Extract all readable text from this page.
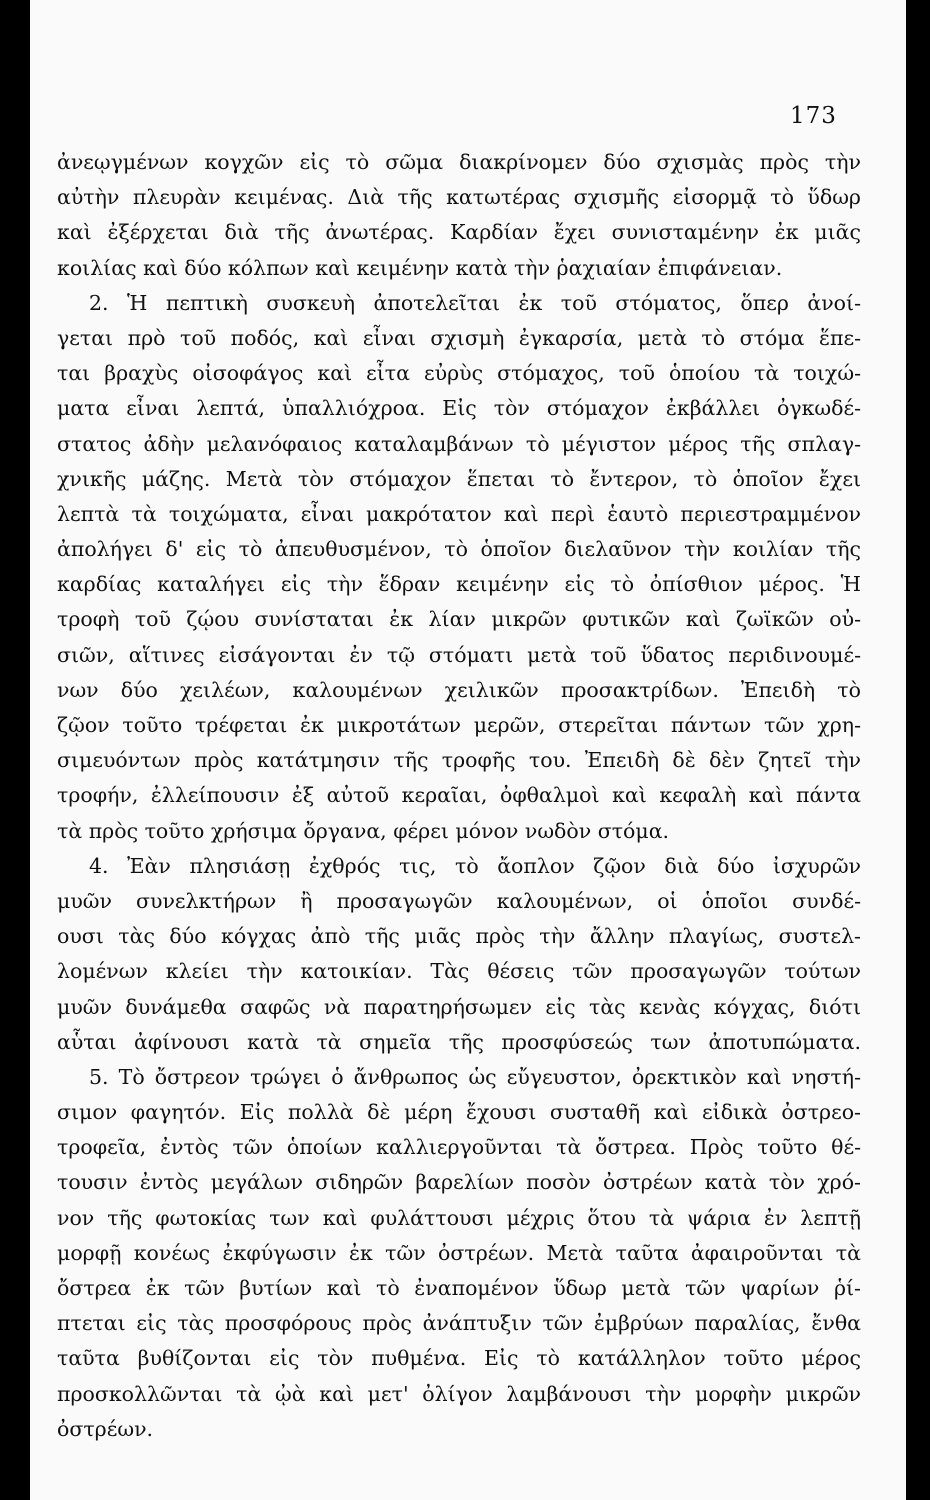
173
ἀνεῳγμένων κογχῶν εἰς τὸ σῶμα διακρίνομεν δύο σχισμὰς πρὸς τὴν
αὐτὴν πλευρὰν κειμένας. Διὰ τῆς κατωτέρας σχισμῆς εἰσορμᾷ τὸ ὕδωρ
καὶ ἐξέρχεται διὰ τῆς ἀνωτέρας. Καρδίαν ἔχει συνισταμένην ἐκ μιᾶς
κοιλίας καὶ δύο κόλπων καὶ κειμένην κατὰ τὴν ῥαχιαίαν ἐπιφάνειαν.
2. Ἡ πεπτικὴ συσκευὴ ἀποτελεῖται ἐκ τοῦ στόματος, ὅπερ ἀνοί-
γεται πρὸ τοῦ ποδός, καὶ εἶναι σχισμὴ ἐγκαρσία, μετὰ τὸ στόμα ἕπε-
ται βραχὺς οἰσοφάγος καὶ εἶτα εὐρὺς στόμαχος, τοῦ ὁποίου τὰ τοιχώ-
ματα εἶναι λεπτά, ὑπαλλιόχροα. Εἰς τὸν στόμαχον ἐκβάλλει ὀγκωδέ-
στατος ἀδὴν μελανόφαιος καταλαμβάνων τὸ μέγιστον μέρος τῆς σπλαγ-
χνικῆς μάζης. Μετὰ τὸν στόμαχον ἕπεται τὸ ἔντερον, τὸ ὁποῖον ἔχει
λεπτὰ τὰ τοιχώματα, εἶναι μακρότατον καὶ περὶ ἑαυτὸ περιεστραμμένον
ἀπολήγει δ' εἰς τὸ ἀπευθυσμένον, τὸ ὁποῖον διελαῦνον τὴν κοιλίαν τῆς
καρδίας καταλήγει εἰς τὴν ἕδραν κειμένην εἰς τὸ ὀπίσθιον μέρος. Ἡ
τροφὴ τοῦ ζῴου συνίσταται ἐκ λίαν μικρῶν φυτικῶν καὶ ζωϊκῶν οὐ-
σιῶν, αἵτινες εἰσάγονται ἐν τῷ στόματι μετὰ τοῦ ὕδατος περιδινουμέ-
νων δύο χειλέων, καλουμένων χειλικῶν προσακτρίδων. Ἐπειδὴ τὸ
ζῷον τοῦτο τρέφεται ἐκ μικροτάτων μερῶν, στερεῖται πάντων τῶν χρη-
σιμευόντων πρὸς κατάτμησιν τῆς τροφῆς του. Ἐπειδὴ δὲ δὲν ζητεῖ τὴν
τροφήν, ἐλλείπουσιν ἐξ αὐτοῦ κεραῖαι, ὀφθαλμοὶ καὶ κεφαλὴ καὶ πάντα
τὰ πρὸς τοῦτο χρήσιμα ὄργανα, φέρει μόνον νωδὸν στόμα.
4. Ἐὰν πλησιάσῃ ἐχθρός τις, τὸ ἄοπλον ζῷον διὰ δύο ἰσχυρῶν
μυῶν συνελκτήρων ἢ προσαγωγῶν καλουμένων, οἱ ὁποῖοι συνδέ-
ουσι τὰς δύο κόγχας ἀπὸ τῆς μιᾶς πρὸς τὴν ἄλλην πλαγίως, συστελ-
λομένων κλείει τὴν κατοικίαν. Τὰς θέσεις τῶν προσαγωγῶν τούτων
μυῶν δυνάμεθα σαφῶς νὰ παρατηρήσωμεν εἰς τὰς κενὰς κόγχας, διότι
αὗται ἀφίνουσι κατὰ τὰ σημεῖα τῆς προσφύσεώς των ἀποτυπώματα.
5. Τὸ ὄστρεον τρώγει ὁ ἄνθρωπος ὡς εὔγευστον, ὀρεκτικὸν καὶ νηστή-
σιμον φαγητόν. Εἰς πολλὰ δὲ μέρη ἔχουσι συσταθῆ καὶ εἰδικὰ ὀστρεο-
τροφεῖα, ἐντὸς τῶν ὁποίων καλλιεργοῦνται τὰ ὄστρεα. Πρὸς τοῦτο θέ-
τουσιν ἐντὸς μεγάλων σιδηρῶν βαρελίων ποσὸν ὀστρέων κατὰ τὸν χρό-
νον τῆς φωτοκίας των καὶ φυλάττουσι μέχρις ὅτου τὰ ψάρια ἐν λεπτῇ
μορφῇ κονέως ἐκφύγωσιν ἐκ τῶν ὀστρέων. Μετὰ ταῦτα ἀφαιροῦνται τὰ
ὄστρεα ἐκ τῶν βυτίων καὶ τὸ ἐναπομένον ὕδωρ μετὰ τῶν ψαρίων ῥί-
πτεται εἰς τὰς προσφόρους πρὸς ἀνάπτυξιν τῶν ἐμβρύων παραλίας, ἔνθα
ταῦτα βυθίζονται εἰς τὸν πυθμένα. Εἰς τὸ κατάλληλον τοῦτο μέρος
προσκολλῶνται τὰ ᾠὰ καὶ μετ' ὀλίγον λαμβάνουσι τὴν μορφὴν μικρῶν
ὀστρέων.
